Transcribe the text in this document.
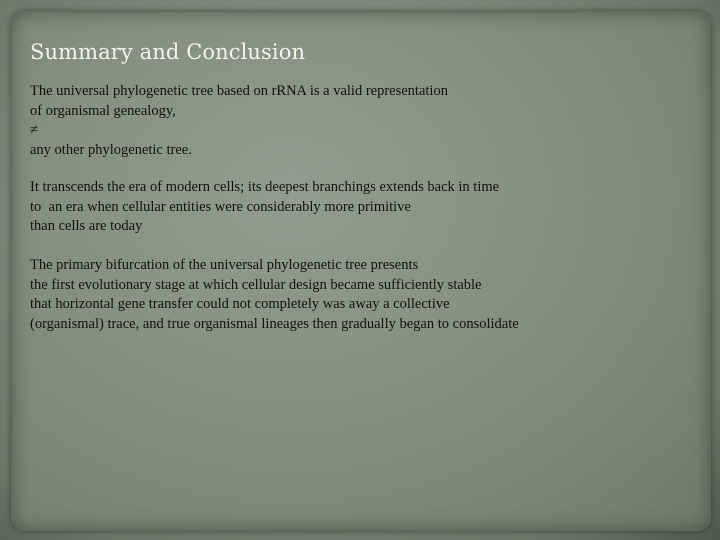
Summary and Conclusion

The universal phylogenetic tree based on rRNA is a valid representation
of organismal genealogy,
≠
any other phylogenetic tree.

It transcends the era of modern cells; its deepest branchings extends back in time
to  an era when cellular entities were considerably more primitive
than cells are today

The primary bifurcation of the universal phylogenetic tree presents
the first evolutionary stage at which cellular design became sufficiently stable
that horizontal gene transfer could not completely was away a collective
(organismal) trace, and true organismal lineages then gradually began to consolidate
